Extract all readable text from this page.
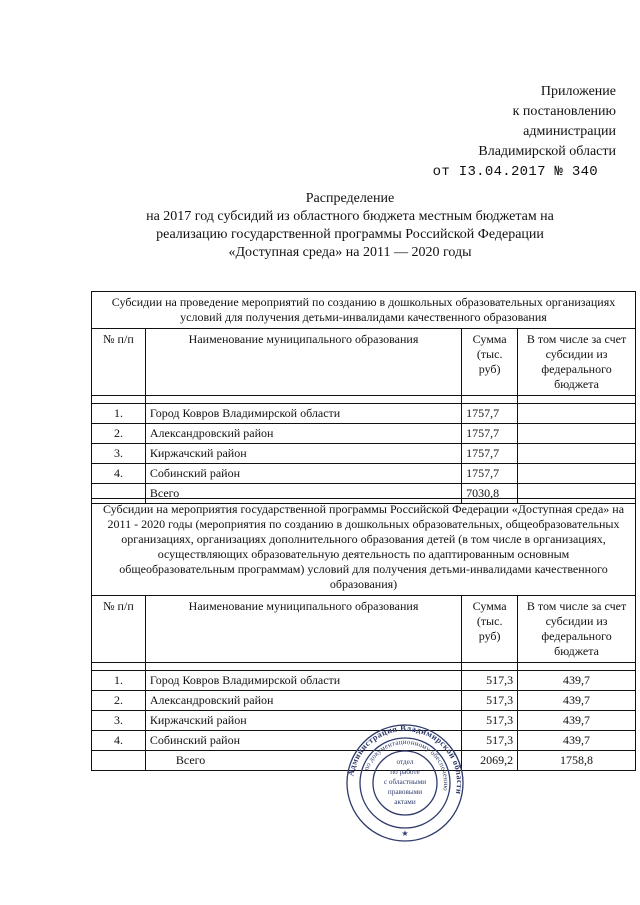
Приложение
к постановлению
администрации
Владимирской области
от I3.04.2017 № 340
Распределение
на 2017 год субсидий из областного бюджета местным бюджетам на
реализацию государственной программы Российской Федерации
«Доступная среда» на 2011 — 2020 годы
Субсидии на проведение мероприятий по созданию в дошкольных образовательных организациях условий для получения детьми-инвалидами качественного образования			
№ п/п	Наименование муниципального образования	Сумма (тыс. руб)	В том числе за счет субсидии из федерального бюджета

1.	Город Ковров Владимирской области	1757,7	
2.	Александровский район	1757,7	
3.	Киржачский район	1757,7	
4.	Собинский район	1757,7	
	Всего	7030,8	
Субсидии на мероприятия государственной программы Российской Федерации «Доступная среда» на 2011 - 2020 годы (мероприятия по созданию в дошкольных образовательных, общеобразовательных организациях, организациях дополнительного образования детей (в том числе в организациях, осуществляющих образовательную деятельность по адаптированным основным общеобразовательным программам) условий для получения детьми-инвалидами качественного образования)			
№ п/п	Наименование муниципального образования	Сумма (тыс. руб)	В том числе за счет субсидии из федерального бюджета

1.	Город Ковров Владимирской области	517,3	439,7
2.	Александровский район	517,3	439,7
3.	Киржачский район	517,3	439,7
4.	Собинский район	517,3	439,7
	Всего	2069,2	1758,8
Администрация Владимирской области
по документационному обеспечению
отдел
по работе
с областными
правовыми
актами
★
